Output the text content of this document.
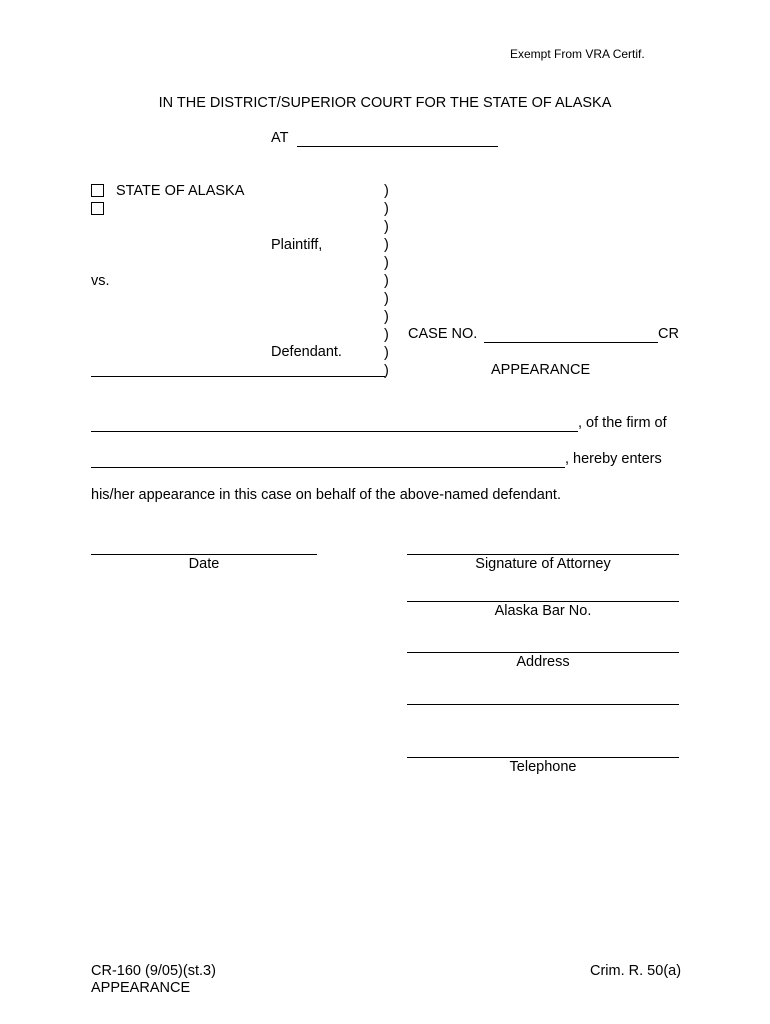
Exempt From VRA Certif.
IN THE DISTRICT/SUPERIOR COURT FOR THE STATE OF ALASKA
AT
STATE OF ALASKA
Plaintiff,
vs.
Defendant.
)
)
)
)
)
)
)
)
)
)
)
CASE NO.	CR
APPEARANCE
, of the firm of
, hereby enters
his/her appearance in this case on behalf of the above-named defendant.
Date	Signature of Attorney
Alaska Bar No.
Address
Telephone
CR-160 (9/05)(st.3)
APPEARANCE
Crim. R. 50(a)
